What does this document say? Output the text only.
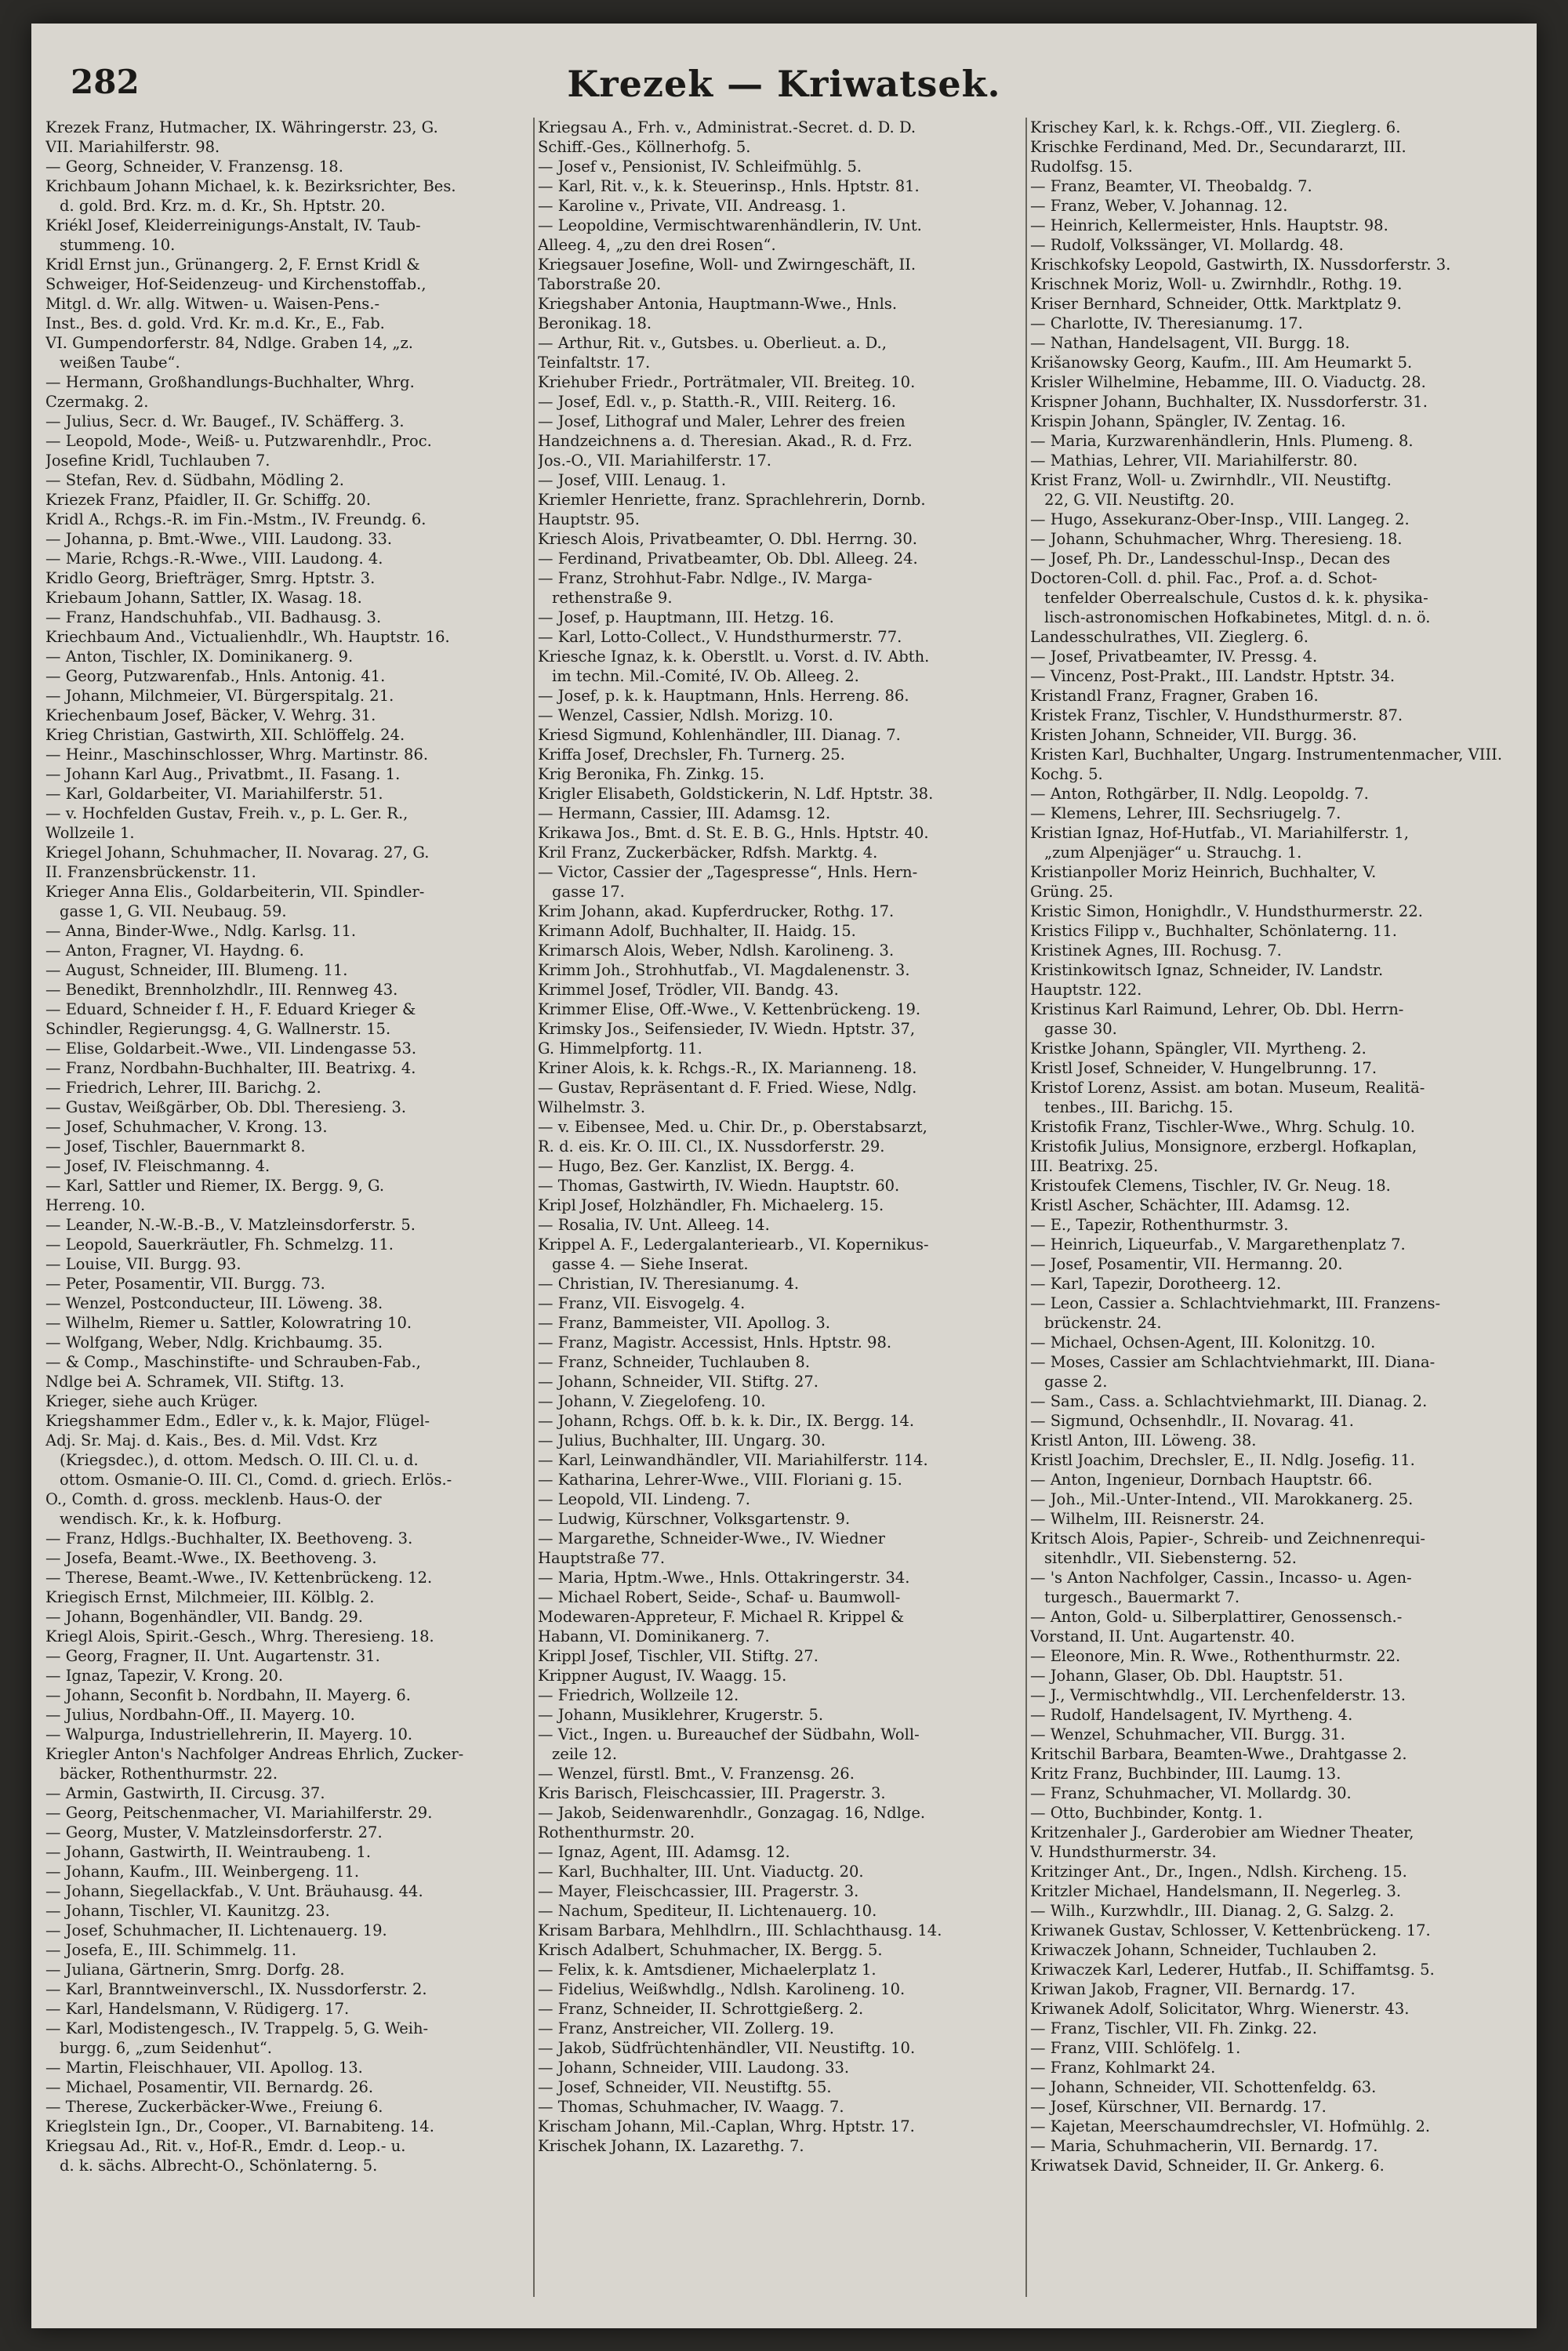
282	Krezek — Kriwatsek.
Krezek Franz, Hutmacher, IX. Währingerstr. 23, G.
VII. Mariahilferstr. 98.
— Georg, Schneider, V. Franzensg. 18.
Krichbaum Johann Michael, k. k. Bezirksrichter, Bes.
d. gold. Brd. Krz. m. d. Kr., Sh. Hptstr. 20.
Kriékl Josef, Kleiderreinigungs-Anstalt, IV. Taub-
stummeng. 10.
Kridl Ernst jun., Grünangerg. 2, F. Ernst Kridl &
Schweiger, Hof-Seidenzeug- und Kirchenstoffab.,
Mitgl. d. Wr. allg. Witwen- u. Waisen-Pens.-
Inst., Bes. d. gold. Vrd. Kr. m.d. Kr., E., Fab.
VI. Gumpendorferstr. 84, Ndlge. Graben 14, „z.
weißen Taube“.
— Hermann, Großhandlungs-Buchhalter, Whrg.
Czermakg. 2.
— Julius, Secr. d. Wr. Baugef., IV. Schäfferg. 3.
— Leopold, Mode-, Weiß- u. Putzwarenhdlr., Proc.
Josefine Kridl, Tuchlauben 7.
— Stefan, Rev. d. Südbahn, Mödling 2.
Kriezek Franz, Pfaidler, II. Gr. Schiffg. 20.
Kridl A., Rchgs.-R. im Fin.-Mstm., IV. Freundg. 6.
— Johanna, p. Bmt.-Wwe., VIII. Laudong. 33.
— Marie, Rchgs.-R.-Wwe., VIII. Laudong. 4.
Kridlo Georg, Briefträger, Smrg. Hptstr. 3.
Kriebaum Johann, Sattler, IX. Wasag. 18.
— Franz, Handschuhfab., VII. Badhausg. 3.
Kriechbaum And., Victualienhdlr., Wh. Hauptstr. 16.
— Anton, Tischler, IX. Dominikanerg. 9.
— Georg, Putzwarenfab., Hnls. Antonig. 41.
— Johann, Milchmeier, VI. Bürgerspitalg. 21.
Kriechenbaum Josef, Bäcker, V. Wehrg. 31.
Krieg Christian, Gastwirth, XII. Schlöffelg. 24.
— Heinr., Maschinschlosser, Whrg. Martinstr. 86.
— Johann Karl Aug., Privatbmt., II. Fasang. 1.
— Karl, Goldarbeiter, VI. Mariahilferstr. 51.
— v. Hochfelden Gustav, Freih. v., p. L. Ger. R.,
Wollzeile 1.
Kriegel Johann, Schuhmacher, II. Novarag. 27, G.
II. Franzensbrückenstr. 11.
Krieger Anna Elis., Goldarbeiterin, VII. Spindler-
gasse 1, G. VII. Neubaug. 59.
— Anna, Binder-Wwe., Ndlg. Karlsg. 11.
— Anton, Fragner, VI. Haydng. 6.
— August, Schneider, III. Blumeng. 11.
— Benedikt, Brennholzhdlr., III. Rennweg 43.
— Eduard, Schneider f. H., F. Eduard Krieger &
Schindler, Regierungsg. 4, G. Wallnerstr. 15.
— Elise, Goldarbeit.-Wwe., VII. Lindengasse 53.
— Franz, Nordbahn-Buchhalter, III. Beatrixg. 4.
— Friedrich, Lehrer, III. Barichg. 2.
— Gustav, Weißgärber, Ob. Dbl. Theresieng. 3.
— Josef, Schuhmacher, V. Krong. 13.
— Josef, Tischler, Bauernmarkt 8.
— Josef, IV. Fleischmanng. 4.
— Karl, Sattler und Riemer, IX. Bergg. 9, G.
Herreng. 10.
— Leander, N.-W.-B.-B., V. Matzleinsdorferstr. 5.
— Leopold, Sauerkräutler, Fh. Schmelzg. 11.
— Louise, VII. Burgg. 93.
— Peter, Posamentir, VII. Burgg. 73.
— Wenzel, Postconducteur, III. Löweng. 38.
— Wilhelm, Riemer u. Sattler, Kolowratring 10.
— Wolfgang, Weber, Ndlg. Krichbaumg. 35.
— & Comp., Maschinstifte- und Schrauben-Fab.,
Ndlge bei A. Schramek, VII. Stiftg. 13.
Krieger, siehe auch Krüger.
Kriegshammer Edm., Edler v., k. k. Major, Flügel-
Adj. Sr. Maj. d. Kais., Bes. d. Mil. Vdst. Krz
(Kriegsdec.), d. ottom. Medsch. O. III. Cl. u. d.
ottom. Osmanie-O. III. Cl., Comd. d. griech. Erlös.-
O., Comth. d. gross. mecklenb. Haus-O. der
wendisch. Kr., k. k. Hofburg.
— Franz, Hdlgs.-Buchhalter, IX. Beethoveng. 3.
— Josefa, Beamt.-Wwe., IX. Beethoveng. 3.
— Therese, Beamt.-Wwe., IV. Kettenbrückeng. 12.
Kriegisch Ernst, Milchmeier, III. Kölblg. 2.
— Johann, Bogenhändler, VII. Bandg. 29.
Kriegl Alois, Spirit.-Gesch., Whrg. Theresieng. 18.
— Georg, Fragner, II. Unt. Augartenstr. 31.
— Ignaz, Tapezir, V. Krong. 20.
— Johann, Seconfit b. Nordbahn, II. Mayerg. 6.
— Julius, Nordbahn-Off., II. Mayerg. 10.
— Walpurga, Industriellehrerin, II. Mayerg. 10.
Kriegler Anton's Nachfolger Andreas Ehrlich, Zucker-
bäcker, Rothenthurmstr. 22.
— Armin, Gastwirth, II. Circusg. 37.
— Georg, Peitschenmacher, VI. Mariahilferstr. 29.
— Georg, Muster, V. Matzleinsdorferstr. 27.
— Johann, Gastwirth, II. Weintraubeng. 1.
— Johann, Kaufm., III. Weinbergeng. 11.
— Johann, Siegellackfab., V. Unt. Bräuhausg. 44.
— Johann, Tischler, VI. Kaunitzg. 23.
— Josef, Schuhmacher, II. Lichtenauerg. 19.
— Josefa, E., III. Schimmelg. 11.
— Juliana, Gärtnerin, Smrg. Dorfg. 28.
— Karl, Branntweinverschl., IX. Nussdorferstr. 2.
— Karl, Handelsmann, V. Rüdigerg. 17.
— Karl, Modistengesch., IV. Trappelg. 5, G. Weih-
burgg. 6, „zum Seidenhut“.
— Martin, Fleischhauer, VII. Apollog. 13.
— Michael, Posamentir, VII. Bernardg. 26.
— Therese, Zuckerbäcker-Wwe., Freiung 6.
Krieglstein Ign., Dr., Cooper., VI. Barnabiteng. 14.
Kriegsau Ad., Rit. v., Hof-R., Emdr. d. Leop.- u.
d. k. sächs. Albrecht-O., Schönlaterng. 5.
Kriegsau A., Frh. v., Administrat.-Secret. d. D. D.
Schiff.-Ges., Köllnerhofg. 5.
— Josef v., Pensionist, IV. Schleifmühlg. 5.
— Karl, Rit. v., k. k. Steuerinsp., Hnls. Hptstr. 81.
— Karoline v., Private, VII. Andreasg. 1.
— Leopoldine, Vermischtwarenhändlerin, IV. Unt.
Alleeg. 4, „zu den drei Rosen“.
Kriegsauer Josefine, Woll- und Zwirngeschäft, II.
Taborstraße 20.
Kriegshaber Antonia, Hauptmann-Wwe., Hnls.
Beronikag. 18.
— Arthur, Rit. v., Gutsbes. u. Oberlieut. a. D.,
Teinfaltstr. 17.
Kriehuber Friedr., Porträtmaler, VII. Breiteg. 10.
— Josef, Edl. v., p. Statth.-R., VIII. Reiterg. 16.
— Josef, Lithograf und Maler, Lehrer des freien
Handzeichnens a. d. Theresian. Akad., R. d. Frz.
Jos.-O., VII. Mariahilferstr. 17.
— Josef, VIII. Lenaug. 1.
Kriemler Henriette, franz. Sprachlehrerin, Dornb.
Hauptstr. 95.
Kriesch Alois, Privatbeamter, O. Dbl. Herrng. 30.
— Ferdinand, Privatbeamter, Ob. Dbl. Alleeg. 24.
— Franz, Strohhut-Fabr. Ndlge., IV. Marga-
rethenstraße 9.
— Josef, p. Hauptmann, III. Hetzg. 16.
— Karl, Lotto-Collect., V. Hundsthurmerstr. 77.
Kriesche Ignaz, k. k. Oberstlt. u. Vorst. d. IV. Abth.
im techn. Mil.-Comité, IV. Ob. Alleeg. 2.
— Josef, p. k. k. Hauptmann, Hnls. Herreng. 86.
— Wenzel, Cassier, Ndlsh. Morizg. 10.
Kriesd Sigmund, Kohlenhändler, III. Dianag. 7.
Kriffa Josef, Drechsler, Fh. Turnerg. 25.
Krig Beronika, Fh. Zinkg. 15.
Krigler Elisabeth, Goldstickerin, N. Ldf. Hptstr. 38.
— Hermann, Cassier, III. Adamsg. 12.
Krikawa Jos., Bmt. d. St. E. B. G., Hnls. Hptstr. 40.
Kril Franz, Zuckerbäcker, Rdfsh. Marktg. 4.
— Victor, Cassier der „Tagespresse“, Hnls. Hern-
gasse 17.
Krim Johann, akad. Kupferdrucker, Rothg. 17.
Krimann Adolf, Buchhalter, II. Haidg. 15.
Krimarsch Alois, Weber, Ndlsh. Karolineng. 3.
Krimm Joh., Strohhutfab., VI. Magdalenenstr. 3.
Krimmel Josef, Trödler, VII. Bandg. 43.
Krimmer Elise, Off.-Wwe., V. Kettenbrückeng. 19.
Krimsky Jos., Seifensieder, IV. Wiedn. Hptstr. 37,
G. Himmelpfortg. 11.
Kriner Alois, k. k. Rchgs.-R., IX. Marianneng. 18.
— Gustav, Repräsentant d. F. Fried. Wiese, Ndlg.
Wilhelmstr. 3.
— v. Eibensee, Med. u. Chir. Dr., p. Oberstabsarzt,
R. d. eis. Kr. O. III. Cl., IX. Nussdorferstr. 29.
— Hugo, Bez. Ger. Kanzlist, IX. Bergg. 4.
— Thomas, Gastwirth, IV. Wiedn. Hauptstr. 60.
Kripl Josef, Holzhändler, Fh. Michaelerg. 15.
— Rosalia, IV. Unt. Alleeg. 14.
Krippel A. F., Ledergalanteriearb., VI. Kopernikus-
gasse 4. — Siehe Inserat.
— Christian, IV. Theresianumg. 4.
— Franz, VII. Eisvogelg. 4.
— Franz, Bammeister, VII. Apollog. 3.
— Franz, Magistr. Accessist, Hnls. Hptstr. 98.
— Franz, Schneider, Tuchlauben 8.
— Johann, Schneider, VII. Stiftg. 27.
— Johann, V. Ziegelofeng. 10.
— Johann, Rchgs. Off. b. k. k. Dir., IX. Bergg. 14.
— Julius, Buchhalter, III. Ungarg. 30.
— Karl, Leinwandhändler, VII. Mariahilferstr. 114.
— Katharina, Lehrer-Wwe., VIII. Floriani g. 15.
— Leopold, VII. Lindeng. 7.
— Ludwig, Kürschner, Volksgartenstr. 9.
— Margarethe, Schneider-Wwe., IV. Wiedner
Hauptstraße 77.
— Maria, Hptm.-Wwe., Hnls. Ottakringerstr. 34.
— Michael Robert, Seide-, Schaf- u. Baumwoll-
Modewaren-Appreteur, F. Michael R. Krippel &
Habann, VI. Dominikanerg. 7.
Krippl Josef, Tischler, VII. Stiftg. 27.
Krippner August, IV. Waagg. 15.
— Friedrich, Wollzeile 12.
— Johann, Musiklehrer, Krugerstr. 5.
— Vict., Ingen. u. Bureauchef der Südbahn, Woll-
zeile 12.
— Wenzel, fürstl. Bmt., V. Franzensg. 26.
Kris Barisch, Fleischcassier, III. Pragerstr. 3.
— Jakob, Seidenwarenhdlr., Gonzagag. 16, Ndlge.
Rothenthurmstr. 20.
— Ignaz, Agent, III. Adamsg. 12.
— Karl, Buchhalter, III. Unt. Viaductg. 20.
— Mayer, Fleischcassier, III. Pragerstr. 3.
— Nachum, Spediteur, II. Lichtenauerg. 10.
Krisam Barbara, Mehlhdlrn., III. Schlachthausg. 14.
Krisch Adalbert, Schuhmacher, IX. Bergg. 5.
— Felix, k. k. Amtsdiener, Michaelerplatz 1.
— Fidelius, Weißwhdlg., Ndlsh. Karolineng. 10.
— Franz, Schneider, II. Schrottgießerg. 2.
— Franz, Anstreicher, VII. Zollerg. 19.
— Jakob, Südfrüchtenhändler, VII. Neustiftg. 10.
— Johann, Schneider, VIII. Laudong. 33.
— Josef, Schneider, VII. Neustiftg. 55.
— Thomas, Schuhmacher, IV. Waagg. 7.
Krischam Johann, Mil.-Caplan, Whrg. Hptstr. 17.
Krischek Johann, IX. Lazarethg. 7.
Krischey Karl, k. k. Rchgs.-Off., VII. Zieglerg. 6.
Krischke Ferdinand, Med. Dr., Secundararzt, III.
Rudolfsg. 15.
— Franz, Beamter, VI. Theobaldg. 7.
— Franz, Weber, V. Johannag. 12.
— Heinrich, Kellermeister, Hnls. Hauptstr. 98.
— Rudolf, Volkssänger, VI. Mollardg. 48.
Krischkofsky Leopold, Gastwirth, IX. Nussdorferstr. 3.
Krischnek Moriz, Woll- u. Zwirnhdlr., Rothg. 19.
Kriser Bernhard, Schneider, Ottk. Marktplatz 9.
— Charlotte, IV. Theresianumg. 17.
— Nathan, Handelsagent, VII. Burgg. 18.
Krišanowsky Georg, Kaufm., III. Am Heumarkt 5.
Krisler Wilhelmine, Hebamme, III. O. Viaductg. 28.
Krispner Johann, Buchhalter, IX. Nussdorferstr. 31.
Krispin Johann, Spängler, IV. Zentag. 16.
— Maria, Kurzwarenhändlerin, Hnls. Plumeng. 8.
— Mathias, Lehrer, VII. Mariahilferstr. 80.
Krist Franz, Woll- u. Zwirnhdlr., VII. Neustiftg.
22, G. VII. Neustiftg. 20.
— Hugo, Assekuranz-Ober-Insp., VIII. Langeg. 2.
— Johann, Schuhmacher, Whrg. Theresieng. 18.
— Josef, Ph. Dr., Landesschul-Insp., Decan des
Doctoren-Coll. d. phil. Fac., Prof. a. d. Schot-
tenfelder Oberrealschule, Custos d. k. k. physika-
lisch-astronomischen Hofkabinetes, Mitgl. d. n. ö.
Landesschulrathes, VII. Zieglerg. 6.
— Josef, Privatbeamter, IV. Pressg. 4.
— Vincenz, Post-Prakt., III. Landstr. Hptstr. 34.
Kristandl Franz, Fragner, Graben 16.
Kristek Franz, Tischler, V. Hundsthurmerstr. 87.
Kristen Johann, Schneider, VII. Burgg. 36.
Kristen Karl, Buchhalter, Ungarg. Instrumentenmacher, VIII.
Kochg. 5.
— Anton, Rothgärber, II. Ndlg. Leopoldg. 7.
— Klemens, Lehrer, III. Sechsriugelg. 7.
Kristian Ignaz, Hof-Hutfab., VI. Mariahilferstr. 1,
„zum Alpenjäger“ u. Strauchg. 1.
Kristianpoller Moriz Heinrich, Buchhalter, V.
Grüng. 25.
Kristic Simon, Honighdlr., V. Hundsthurmerstr. 22.
Kristics Filipp v., Buchhalter, Schönlaterng. 11.
Kristinek Agnes, III. Rochusg. 7.
Kristinkowitsch Ignaz, Schneider, IV. Landstr.
Hauptstr. 122.
Kristinus Karl Raimund, Lehrer, Ob. Dbl. Herrn-
gasse 30.
Kristke Johann, Spängler, VII. Myrtheng. 2.
Kristl Josef, Schneider, V. Hungelbrunng. 17.
Kristof Lorenz, Assist. am botan. Museum, Realitä-
tenbes., III. Barichg. 15.
Kristofik Franz, Tischler-Wwe., Whrg. Schulg. 10.
Kristofik Julius, Monsignore, erzbergl. Hofkaplan,
III. Beatrixg. 25.
Kristoufek Clemens, Tischler, IV. Gr. Neug. 18.
Kristl Ascher, Schächter, III. Adamsg. 12.
— E., Tapezir, Rothenthurmstr. 3.
— Heinrich, Liqueurfab., V. Margarethenplatz 7.
— Josef, Posamentir, VII. Hermanng. 20.
— Karl, Tapezir, Dorotheerg. 12.
— Leon, Cassier a. Schlachtviehmarkt, III. Franzens-
brückenstr. 24.
— Michael, Ochsen-Agent, III. Kolonitzg. 10.
— Moses, Cassier am Schlachtviehmarkt, III. Diana-
gasse 2.
— Sam., Cass. a. Schlachtviehmarkt, III. Dianag. 2.
— Sigmund, Ochsenhdlr., II. Novarag. 41.
Kristl Anton, III. Löweng. 38.
Kristl Joachim, Drechsler, E., II. Ndlg. Josefig. 11.
— Anton, Ingenieur, Dornbach Hauptstr. 66.
— Joh., Mil.-Unter-Intend., VII. Marokkanerg. 25.
— Wilhelm, III. Reisnerstr. 24.
Kritsch Alois, Papier-, Schreib- und Zeichnenrequi-
sitenhdlr., VII. Siebensterng. 52.
— 's Anton Nachfolger, Cassin., Incasso- u. Agen-
turgesch., Bauermarkt 7.
— Anton, Gold- u. Silberplattirer, Genossensch.-
Vorstand, II. Unt. Augartenstr. 40.
— Eleonore, Min. R. Wwe., Rothenthurmstr. 22.
— Johann, Glaser, Ob. Dbl. Hauptstr. 51.
— J., Vermischtwhdlg., VII. Lerchenfelderstr. 13.
— Rudolf, Handelsagent, IV. Myrtheng. 4.
— Wenzel, Schuhmacher, VII. Burgg. 31.
Kritschil Barbara, Beamten-Wwe., Drahtgasse 2.
Kritz Franz, Buchbinder, III. Laumg. 13.
— Franz, Schuhmacher, VI. Mollardg. 30.
— Otto, Buchbinder, Kontg. 1.
Kritzenhaler J., Garderobier am Wiedner Theater,
V. Hundsthurmerstr. 34.
Kritzinger Ant., Dr., Ingen., Ndlsh. Kircheng. 15.
Kritzler Michael, Handelsmann, II. Negerleg. 3.
— Wilh., Kurzwhdlr., III. Dianag. 2, G. Salzg. 2.
Kriwanek Gustav, Schlosser, V. Kettenbrückeng. 17.
Kriwaczek Johann, Schneider, Tuchlauben 2.
Kriwaczek Karl, Lederer, Hutfab., II. Schiffamtsg. 5.
Kriwan Jakob, Fragner, VII. Bernardg. 17.
Kriwanek Adolf, Solicitator, Whrg. Wienerstr. 43.
— Franz, Tischler, VII. Fh. Zinkg. 22.
— Franz, VIII. Schlöfelg. 1.
— Franz, Kohlmarkt 24.
— Johann, Schneider, VII. Schottenfeldg. 63.
— Josef, Kürschner, VII. Bernardg. 17.
— Kajetan, Meerschaumdrechsler, VI. Hofmühlg. 2.
— Maria, Schuhmacherin, VII. Bernardg. 17.
Kriwatsek David, Schneider, II. Gr. Ankerg. 6.
